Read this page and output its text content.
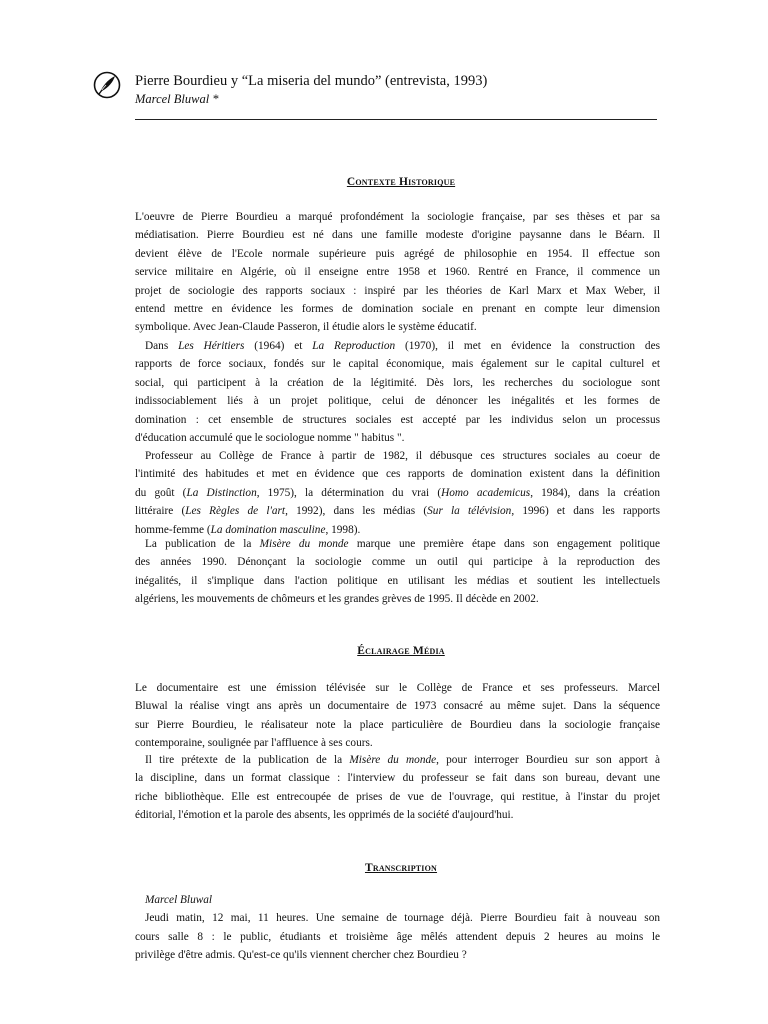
Pierre Bourdieu y “La miseria del mundo” (entrevista, 1993)
Marcel Bluwal *
Contexte Historique
L'oeuvre de Pierre Bourdieu a marqué profondément la sociologie française, par ses thèses et par sa
médiatisation. Pierre Bourdieu est né dans une famille modeste d'origine paysanne dans le Béarn. Il
devient élève de l'Ecole normale supérieure puis agrégé de philosophie en 1954. Il effectue son
service militaire en Algérie, où il enseigne entre 1958 et 1960. Rentré en France, il commence un
projet de sociologie des rapports sociaux : inspiré par les théories de Karl Marx et Max Weber, il
entend mettre en évidence les formes de domination sociale en prenant en compte leur dimension
symbolique. Avec Jean-Claude Passeron, il étudie alors le système éducatif.
Dans Les Héritiers (1964) et La Reproduction (1970), il met en évidence la construction des
rapports de force sociaux, fondés sur le capital économique, mais également sur le capital culturel et
social, qui participent à la création de la légitimité. Dès lors, les recherches du sociologue sont
indissociablement liés à un projet politique, celui de dénoncer les inégalités et les formes de
domination : cet ensemble de structures sociales est accepté par les individus selon un processus
d'éducation accumulé que le sociologue nomme " habitus ".
Professeur au Collège de France à partir de 1982, il débusque ces structures sociales au coeur de
l'intimité des habitudes et met en évidence que ces rapports de domination existent dans la définition
du goût (La Distinction, 1975), la détermination du vrai (Homo academicus, 1984), dans la création
littéraire (Les Règles de l'art, 1992), dans les médias (Sur la télévision, 1996) et dans les rapports
homme-femme (La domination masculine, 1998).
La publication de la Misère du monde marque une première étape dans son engagement politique
des années 1990. Dénonçant la sociologie comme un outil qui participe à la reproduction des
inégalités, il s'implique dans l'action politique en utilisant les médias et soutient les intellectuels
algériens, les mouvements de chômeurs et les grandes grèves de 1995. Il décède en 2002.
Éclairage Média
Le documentaire est une émission télévisée sur le Collège de France et ses professeurs. Marcel
Bluwal la réalise vingt ans après un documentaire de 1973 consacré au même sujet. Dans la séquence
sur Pierre Bourdieu, le réalisateur note la place particulière de Bourdieu dans la sociologie française
contemporaine, soulignée par l'affluence à ses cours.
Il tire prétexte de la publication de la Misère du monde, pour interroger Bourdieu sur son apport à
la discipline, dans un format classique : l'interview du professeur se fait dans son bureau, devant une
riche bibliothèque. Elle est entrecoupée de prises de vue de l'ouvrage, qui restitue, à l'instar du projet
éditorial, l'émotion et la parole des absents, les opprimés de la société d'aujourd'hui.
Transcription
Marcel Bluwal
Jeudi matin, 12 mai, 11 heures. Une semaine de tournage déjà. Pierre Bourdieu fait à nouveau son
cours salle 8 : le public, étudiants et troisième âge mêlés attendent depuis 2 heures au moins le
privilège d'être admis. Qu'est-ce qu'ils viennent chercher chez Bourdieu ?
